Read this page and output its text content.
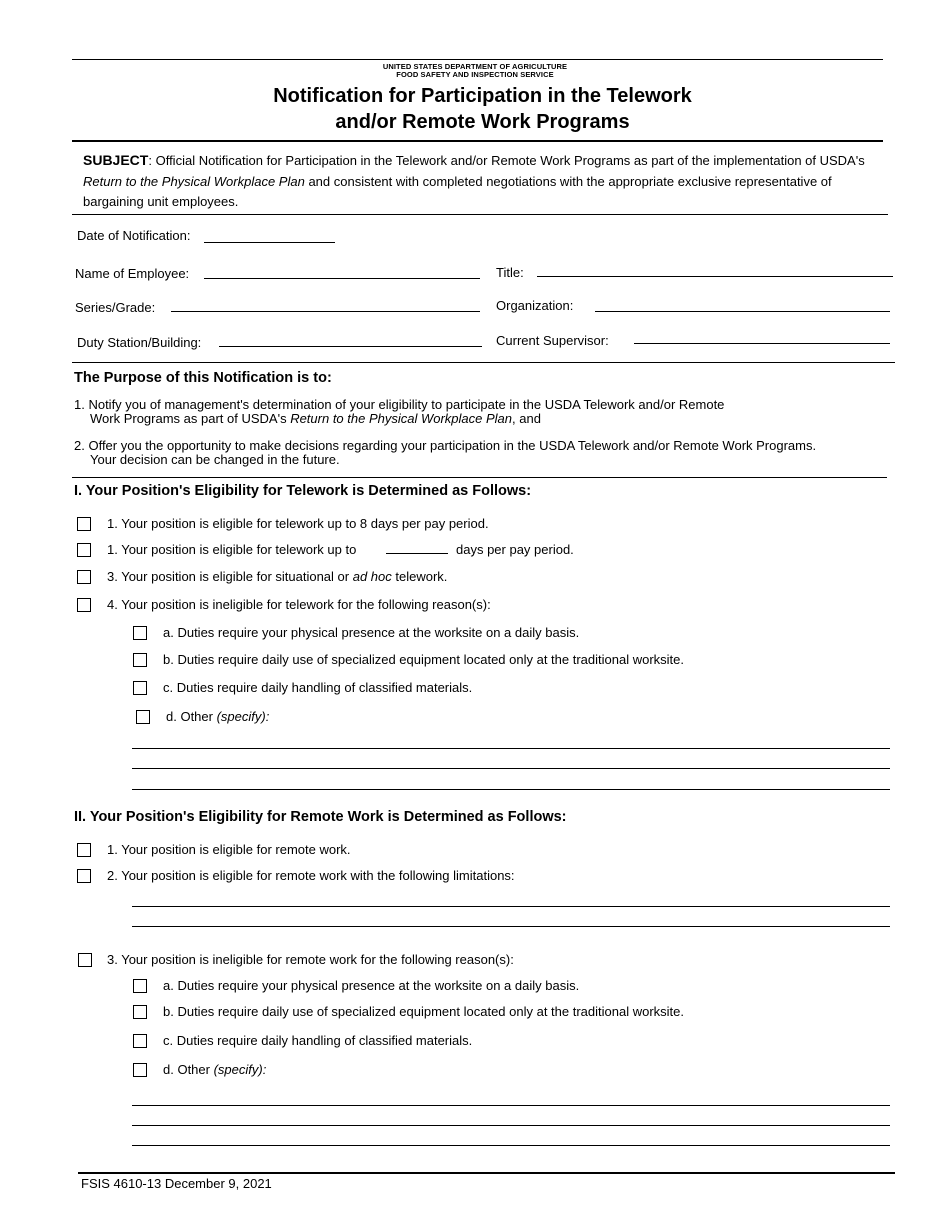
UNITED STATES DEPARTMENT OF AGRICULTURE
FOOD SAFETY AND INSPECTION SERVICE
Notification for Participation in the Telework
and/or Remote Work Programs
SUBJECT: Official Notification for Participation in the Telework and/or Remote Work Programs as part of the implementation of USDA's Return to the Physical Workplace Plan and consistent with completed negotiations with the appropriate exclusive representative of bargaining unit employees.
Date of Notification:
Name of Employee:	Title:
Series/Grade:	Organization:
Duty Station/Building:	Current Supervisor:
The Purpose of this Notification is to:
1. Notify you of management's determination of your eligibility to participate in the USDA Telework and/or Remote
Work Programs as part of USDA's Return to the Physical Workplace Plan, and
2. Offer you the opportunity to make decisions regarding your participation in the USDA Telework and/or Remote Work Programs.
Your decision can be changed in the future.
I. Your Position's Eligibility for Telework is Determined as Follows:
1. Your position is eligible for telework up to 8 days per pay period.
1. Your position is eligible for telework up to	days per pay period.
3. Your position is eligible for situational or ad hoc telework.
4. Your position is ineligible for telework for the following reason(s):
a. Duties require your physical presence at the worksite on a daily basis.
b. Duties require daily use of specialized equipment located only at the traditional worksite.
c. Duties require daily handling of classified materials.
d. Other (specify):
II. Your Position's Eligibility for Remote Work is Determined as Follows:
1. Your position is eligible for remote work.
2. Your position is eligible for remote work with the following limitations:
3. Your position is ineligible for remote work for the following reason(s):
a. Duties require your physical presence at the worksite on a daily basis.
b. Duties require daily use of specialized equipment located only at the traditional worksite.
c. Duties require daily handling of classified materials.
d. Other (specify):
FSIS 4610-13 December 9, 2021
